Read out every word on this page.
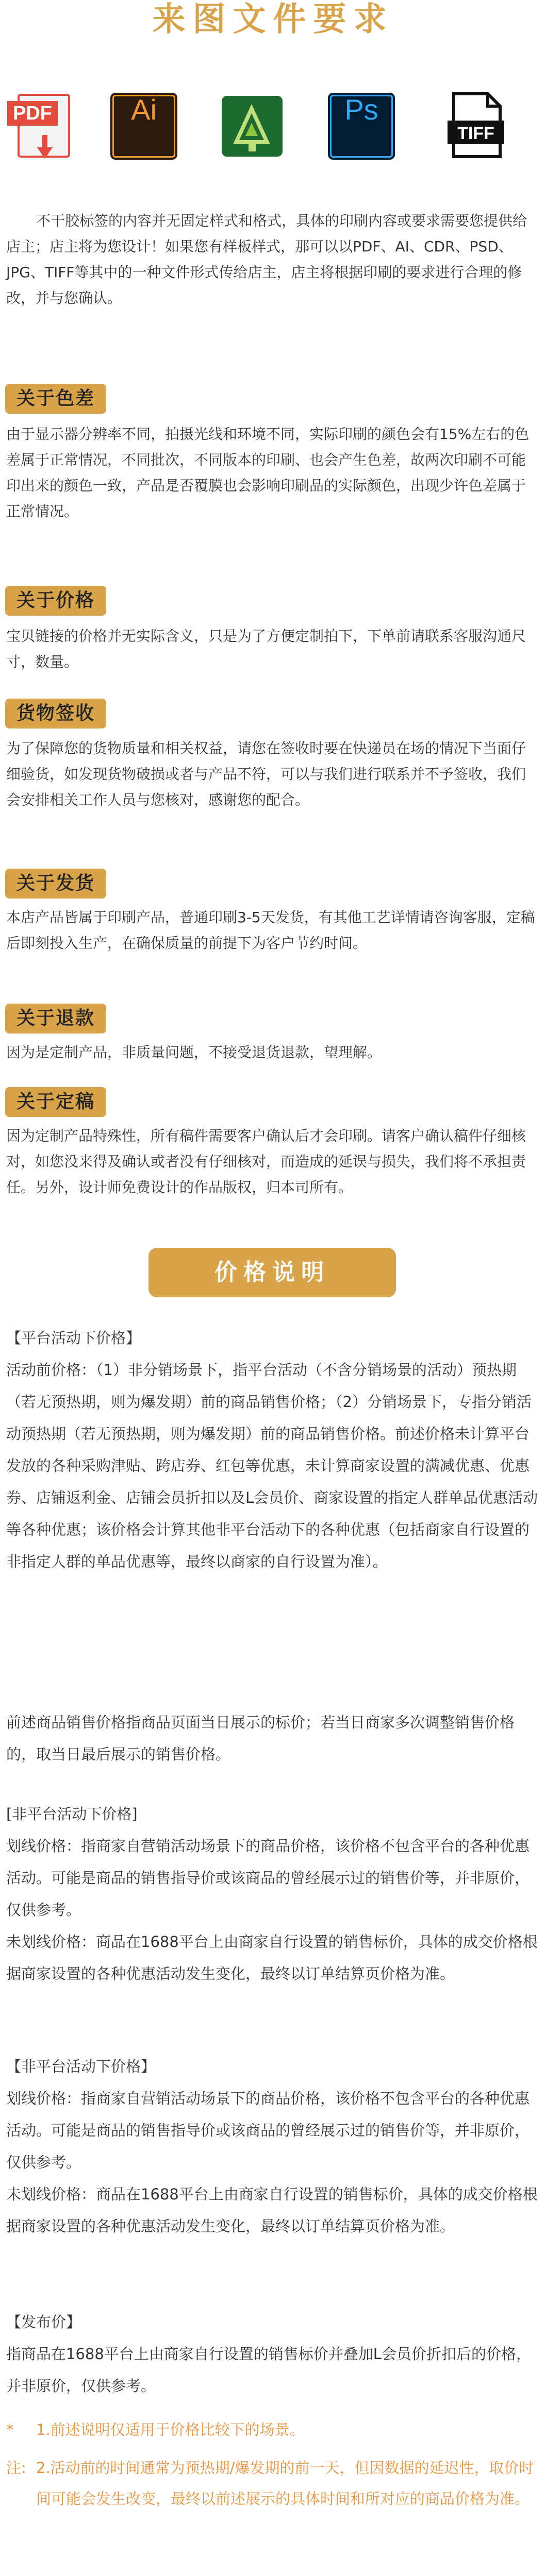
来图文件要求
PDF	Ai	Ps
TIFF
不干胶标签的内容并无固定样式和格式，具体的印刷内容或要求需要您提供给店主；店主将为您设计！如果您有样板样式，那可以以PDF、AI、CDR、PSD、JPG、TIFF等其中的一种文件形式传给店主，店主将根据印刷的要求进行合理的修改，并与您确认。
关于色差
由于显示器分辨率不同，拍摄光线和环境不同，实际印刷的颜色会有15%左右的色差属于正常情况，不同批次，不同版本的印刷、也会产生色差，故两次印刷不可能印出来的颜色一致，产品是否覆膜也会影响印刷品的实际颜色，出现少许色差属于正常情况。
关于价格
宝贝链接的价格并无实际含义，只是为了方便定制拍下，下单前请联系客服沟通尺寸，数量。
货物签收
为了保障您的货物质量和相关权益，请您在签收时要在快递员在场的情况下当面仔细验货，如发现货物破损或者与产品不符，可以与我们进行联系并不予签收，我们会安排相关工作人员与您核对，感谢您的配合。
关于发货
本店产品皆属于印刷产品，普通印刷3-5天发货，有其他工艺详情请咨询客服，定稿后即刻投入生产，在确保质量的前提下为客户节约时间。
关于退款
因为是定制产品，非质量问题，不接受退货退款，望理解。
关于定稿
因为定制产品特殊性，所有稿件需要客户确认后才会印刷。请客户确认稿件仔细核对，如您没来得及确认或者没有仔细核对，而造成的延误与损失，我们将不承担责任。另外，设计师免费设计的作品版权，归本司所有。
价格说明
【平台活动下价格】
活动前价格：（1）非分销场景下，指平台活动（不含分销场景的活动）预热期（若无预热期，则为爆发期）前的商品销售价格；（2）分销场景下，专指分销活动预热期（若无预热期，则为爆发期）前的商品销售价格。前述价格未计算平台发放的各种采购津贴、跨店券、红包等优惠，未计算商家设置的满减优惠、优惠券、店铺返利金、店铺会员折扣以及L会员价、商家设置的指定人群单品优惠活动等各种优惠；该价格会计算其他非平台活动下的各种优惠（包括商家自行设置的非指定人群的单品优惠等，最终以商家的自行设置为准）。
前述商品销售价格指商品页面当日展示的标价；若当日商家多次调整销售价格的，取当日最后展示的销售价格。
[非平台活动下价格]
划线价格：指商家自营销活动场景下的商品价格，该价格不包含平台的各种优惠活动。可能是商品的销售指导价或该商品的曾经展示过的销售价等，并非原价，仅供参考。
未划线价格：商品在1688平台上由商家自行设置的销售标价，具体的成交价格根据商家设置的各种优惠活动发生变化，最终以订单结算页价格为准。
【非平台活动下价格】
划线价格：指商家自营销活动场景下的商品价格，该价格不包含平台的各种优惠活动。可能是商品的销售指导价或该商品的曾经展示过的销售价等，并非原价，仅供参考。
未划线价格：商品在1688平台上由商家自行设置的销售标价，具体的成交价格根据商家设置的各种优惠活动发生变化，最终以订单结算页价格为准。
【发布价】
指商品在1688平台上由商家自行设置的销售标价并叠加L会员价折扣后的价格，并非原价，仅供参考。
*	1.前述说明仅适用于价格比较下的场景。
注: 2.活动前的时间通常为预热期/爆发期的前一天，但因数据的延迟性，取价时间可能会发生改变，最终以前述展示的具体时间和所对应的商品价格为准。
